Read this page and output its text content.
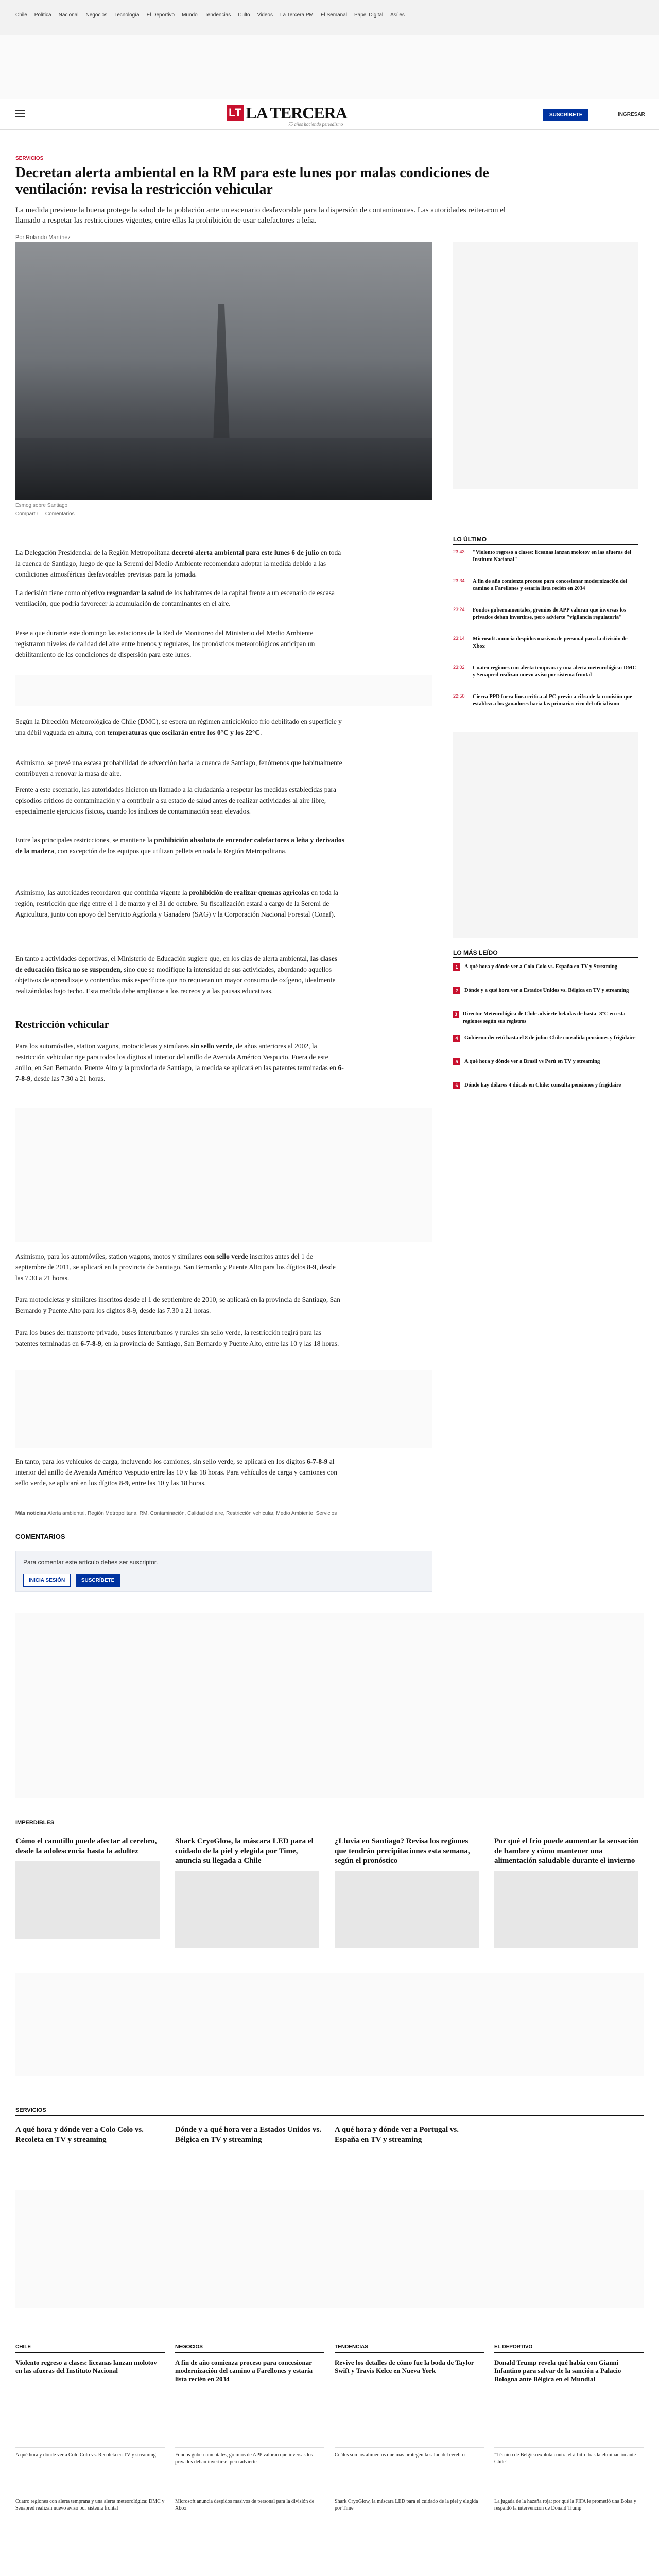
Chile Política Nacional Negocios Tecnología El Deportivo Mundo Tendencias Culto Videos La Tercera PM El Semanal Papel Digital Así es
LT LA TERCERA
75 años haciendo periodismo
SUSCRÍBETE	INGRESAR
SERVICIOS
Decretan alerta ambiental en la RM para este lunes por malas condiciones de ventilación: revisa la restricción vehicular

La medida previene la buena protege la salud de la población ante un escenario desfavorable para la dispersión de contaminantes. Las autoridades reiteraron el llamado a respetar las restricciones vigentes, entre ellas la prohibición de usar calefactores a leña.

Por Rolando Martínez
Esmog sobre Santiago.
Compartir Comentarios

La Delegación Presidencial de la Región Metropolitana decretó alerta ambiental para este lunes 6 de julio en toda la cuenca de Santiago, luego de que la Seremi del Medio Ambiente recomendara adoptar la medida debido a las condiciones atmosféricas desfavorables previstas para la jornada.

La decisión tiene como objetivo resguardar la salud de los habitantes de la capital frente a un escenario de escasa ventilación, que podría favorecer la acumulación de contaminantes en el aire.

Pese a que durante este domingo las estaciones de la Red de Monitoreo del Ministerio del Medio Ambiente registraron niveles de calidad del aire entre buenos y regulares, los pronósticos meteorológicos anticipan un debilitamiento de las condiciones de dispersión para este lunes.

Según la Dirección Meteorológica de Chile (DMC), se espera un régimen anticiclónico frío debilitado en superficie y una débil vaguada en altura, con temperaturas que oscilarán entre los 0°C y los 22°C.

Asimismo, se prevé una escasa probabilidad de advección hacia la cuenca de Santiago, fenómenos que habitualmente contribuyen a renovar la masa de aire.

Frente a este escenario, las autoridades hicieron un llamado a la ciudadanía a respetar las medidas establecidas para episodios críticos de contaminación y a contribuir a su estado de salud antes de realizar actividades al aire libre, especialmente ejercicios físicos, cuando los índices de contaminación sean elevados.

Entre las principales restricciones, se mantiene la prohibición absoluta de encender calefactores a leña y derivados de la madera, con excepción de los equipos que utilizan pellets en toda la Región Metropolitana.

Asimismo, las autoridades recordaron que continúa vigente la prohibición de realizar quemas agrícolas en toda la región, restricción que rige entre el 1 de marzo y el 31 de octubre. Su fiscalización estará a cargo de la Seremi de Agricultura, junto con apoyo del Servicio Agrícola y Ganadero (SAG) y la Corporación Nacional Forestal (Conaf).

En tanto a actividades deportivas, el Ministerio de Educación sugiere que, en los días de alerta ambiental, las clases de educación física no se suspenden, sino que se modifique la intensidad de sus actividades, abordando aquellos objetivos de aprendizaje y contenidos más específicos que no requieran un mayor consumo de oxígeno, idealmente realizándolas bajo techo. Esta medida debe ampliarse a los recreos y a las pausas educativas.

Restricción vehicular

Para los automóviles, station wagons, motocicletas y similares sin sello verde, de años anteriores al 2002, la restricción vehicular rige para todos los dígitos al interior del anillo de Avenida Américo Vespucio. Fuera de este anillo, en San Bernardo, Puente Alto y la provincia de Santiago, la medida se aplicará en las patentes terminadas en 6-7-8-9, desde las 7.30 a 21 horas.

Asimismo, para los automóviles, station wagons, motos y similares con sello verde inscritos antes del 1 de septiembre de 2011, se aplicará en la provincia de Santiago, San Bernardo y Puente Alto para los dígitos 8-9, desde las 7.30 a 21 horas.

Para motocicletas y similares inscritos desde el 1 de septiembre de 2010, se aplicará en la provincia de Santiago, San Bernardo y Puente Alto para los dígitos 8-9, desde las 7.30 a 21 horas.

Para los buses del transporte privado, buses interurbanos y rurales sin sello verde, la restricción regirá para las patentes terminadas en 6-7-8-9, en la provincia de Santiago, San Bernardo y Puente Alto, entre las 10 y las 18 horas.

En tanto, para los vehículos de carga, incluyendo los camiones, sin sello verde, se aplicará en los dígitos 6-7-8-9 al interior del anillo de Avenida Américo Vespucio entre las 10 y las 18 horas. Para vehículos de carga y camiones con sello verde, se aplicará en los dígitos 8-9, entre las 10 y las 18 horas.

Más noticias Alerta ambiental, Región Metropolitana, RM, Contaminación, Calidad del aire, Restricción vehicular, Medio Ambiente, Servicios
COMENTARIOS

Para comentar este artículo debes ser suscriptor.

INICIA SESIÓN	SUSCRÍBETE
LO ÚLTIMO
23:43	"Violento regreso a clases: liceanas lanzan molotov en las afueras del Instituto Nacional"
23:34	A fin de año comienza proceso para concesionar modernización del camino a Farellones y estaría lista recién en 2034
23:24	Fondos gubernamentales, gremios de APP valoran que inversas los privados deban invertirse, pero advierte "vigilancia regulatoria"
23:14	Microsoft anuncia despidos masivos de personal para la división de Xbox
23:02	Cuatro regiones con alerta temprana y una alerta meteorológica: DMC y Senapred realizan nuevo aviso por sistema frontal
22:50	Cierra PPD fuera línea crítica al PC previo a cifra de la comisión que establezca los ganadores hacia las primarias rico del oficialismo
LO MÁS LEÍDO
1	A qué hora y dónde ver a Colo Colo vs. España en TV y Streaming
2	Dónde y a qué hora ver a Estados Unidos vs. Bélgica en TV y streaming
3 Director Meteorológica de Chile advierte heladas de hasta -8°C en esta regiones según sus registros
4	Gobierno decretó hasta el 8 de julio: Chile consolida pensiones y frigidaire
5	A qué hora y dónde ver a Brasil vs Perú en TV y streaming
6	Dónde hay dólares 4 dúcals en Chile: consulta pensiones y frigidaire
IMPERDIBLES
Cómo el canutillo puede afectar al cerebro, desde la adolescencia hasta la adultez
Shark CryoGlow, la máscara LED para el cuidado de la piel y elegida por Time, anuncia su llegada a Chile
¿Lluvia en Santiago? Revisa los regiones que tendrán precipitaciones esta semana, según el pronóstico
Por qué el frío puede aumentar la sensación de hambre y cómo mantener una alimentación saludable durante el invierno
SERVICIOS
A qué hora y dónde ver a Colo Colo vs. Recoleta en TV y streaming
Dónde y a qué hora ver a Estados Unidos vs. Bélgica en TV y streaming
A qué hora y dónde ver a Portugal vs. España en TV y streaming
CHILE
Violento regreso a clases: liceanas lanzan molotov en las afueras del Instituto Nacional
A qué hora y dónde ver a Colo Colo vs. Recoleta en TV y streaming
Cuatro regiones con alerta temprana y una alerta meteorológica: DMC y Senapred realizan nuevo aviso por sistema frontal
NEGOCIOS
A fin de año comienza proceso para concesionar modernización del camino a Farellones y estaría lista recién en 2034
Fondos gubernamentales, gremios de APP valoran que inversas los privados deban invertirse, pero advierte
Microsoft anuncia despidos masivos de personal para la división de Xbox
TENDENCIAS
Revive los detalles de cómo fue la boda de Taylor Swift y Travis Kelce en Nueva York
Cuáles son los alimentos que más protegen la salud del cerebro
Shark CryoGlow, la máscara LED para el cuidado de la piel y elegida por Time
EL DEPORTIVO
Donald Trump revela qué había con Gianni Infantino para salvar de la sanción a Palacio Bologna ante Bélgica en el Mundial
"Técnico de Bélgica explota contra el árbitro tras la eliminación ante Chile"
La jugada de la hazaña roja: por qué la FIFA le prometió una Bolsa y respaldó la intervención de Donald Trump
